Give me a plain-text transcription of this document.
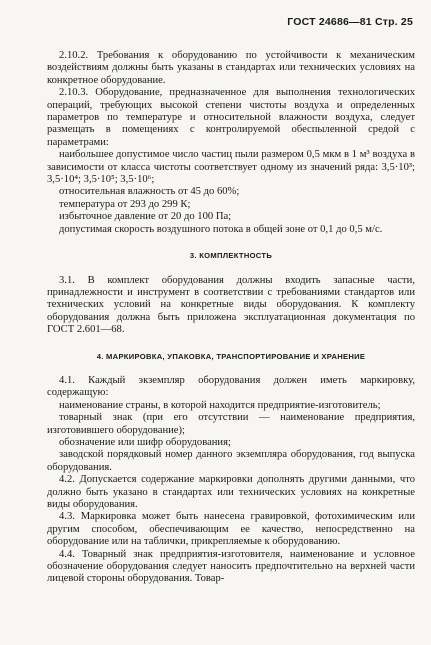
ГОСТ 24686—81 Стр. 25

2.10.2. Требования к оборудованию по устойчивости к механическим воздействиям должны быть указаны в стандартах или технических условиях на конкретное оборудование.

2.10.3. Оборудование, предназначенное для выполнения технологических операций, требующих высокой степени чистоты воздуха и определенных параметров по температуре и относительной влажности воздуха, следует размещать в помещениях с контролируемой обеспыленной средой с параметрами:

наибольшее допустимое число частиц пыли размером 0,5 мкм в 1 м³ воздуха в зависимости от класса чистоты соответствует одному из значений ряда: 3,5·10³; 3,5·10⁴; 3,5·10⁵; 3,5·10⁶;

относительная влажность от 45 до 60%;

температура от 293 до 299 К;

избыточное давление от 20 до 100 Па;

допустимая скорость воздушного потока в общей зоне от 0,1 до 0,5 м/с.

3. КОМПЛЕКТНОСТЬ

3.1. В комплект оборудования должны входить запасные части, принадлежности и инструмент в соответствии с требованиями стандартов или технических условий на конкретные виды оборудования. К комплекту оборудования должна быть приложена эксплуатационная документация по ГОСТ 2.601—68.

4. МАРКИРОВКА, УПАКОВКА, ТРАНСПОРТИРОВАНИЕ И ХРАНЕНИЕ

4.1. Каждый экземпляр оборудования должен иметь маркировку, содержащую:

наименование страны, в которой находится предприятие-изготовитель;

товарный знак (при его отсутствии — наименование предприятия, изготовившего оборудование);

обозначение или шифр оборудования;

заводской порядковый номер данного экземпляра оборудования, год выпуска оборудования.

4.2. Допускается содержание маркировки дополнять другими данными, что должно быть указано в стандартах или технических условиях на конкретные виды оборудования.

4.3. Маркировка может быть нанесена гравировкой, фотохимическим или другим способом, обеспечивающим ее качество, непосредственно на оборудование или на таблички, прикрепляемые к оборудованию.

4.4. Товарный знак предприятия-изготовителя, наименование и условное обозначение оборудования следует наносить предпочтительно на верхней части лицевой стороны оборудования. Товар-
